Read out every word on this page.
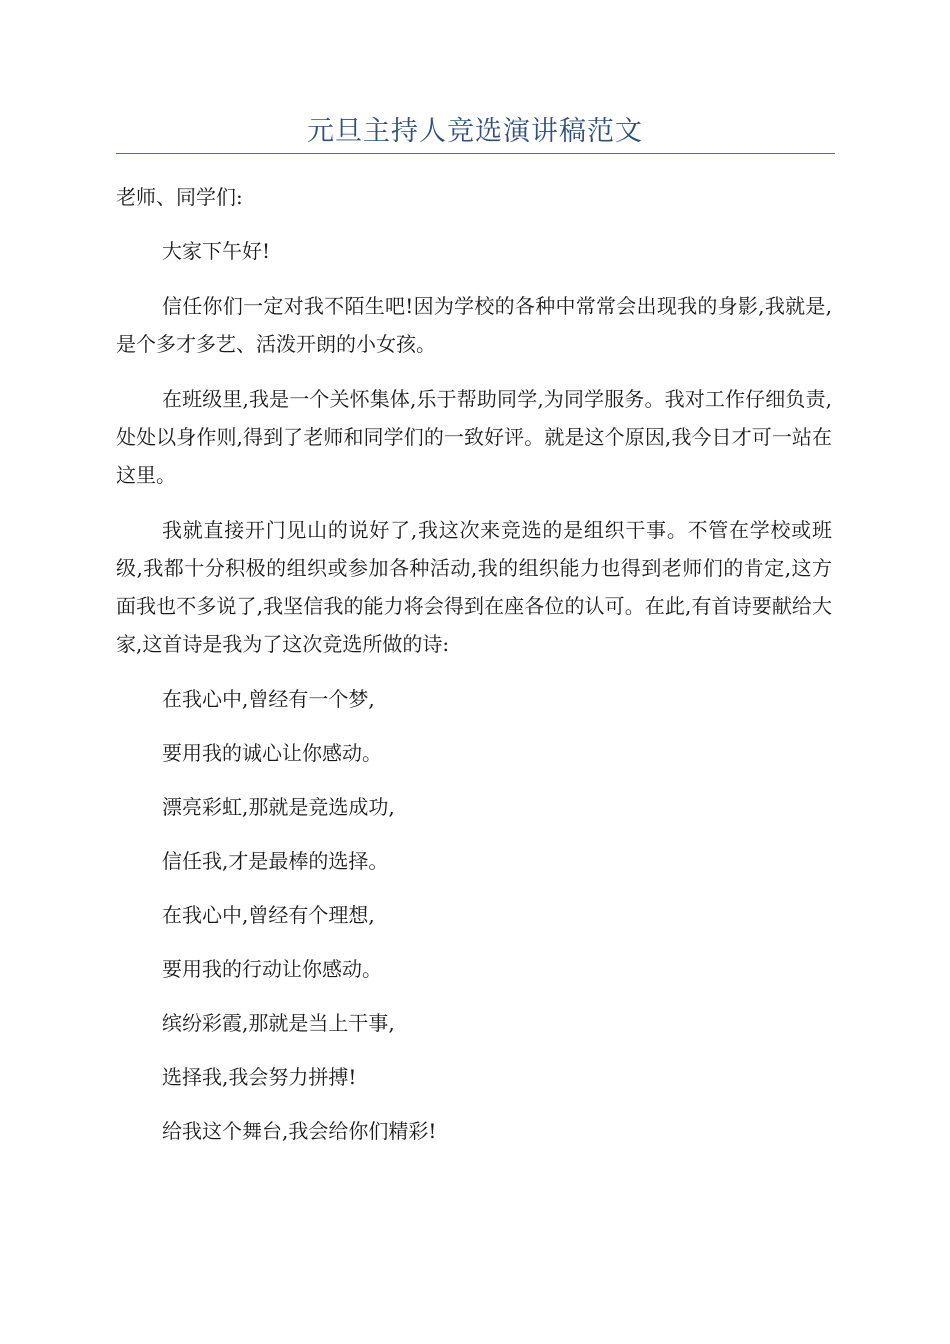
元旦主持人竞选演讲稿范文

老师、同学们:

大家下午好!

信任你们一定对我不陌生吧!因为学校的各种中常常会出现我的身影,我就是,是个多才多艺、活泼开朗的小女孩。

在班级里,我是一个关怀集体,乐于帮助同学,为同学服务。我对工作仔细负责,处处以身作则,得到了老师和同学们的一致好评。就是这个原因,我今日才可一站在这里。

我就直接开门见山的说好了,我这次来竞选的是组织干事。不管在学校或班级,我都十分积极的组织或参加各种活动,我的组织能力也得到老师们的肯定,这方面我也不多说了,我坚信我的能力将会得到在座各位的认可。在此,有首诗要献给大家,这首诗是我为了这次竞选所做的诗:

在我心中,曾经有一个梦,

要用我的诚心让你感动。

漂亮彩虹,那就是竞选成功,

信任我,才是最棒的选择。

在我心中,曾经有个理想,

要用我的行动让你感动。

缤纷彩霞,那就是当上干事,

选择我,我会努力拼搏!

给我这个舞台,我会给你们精彩!
